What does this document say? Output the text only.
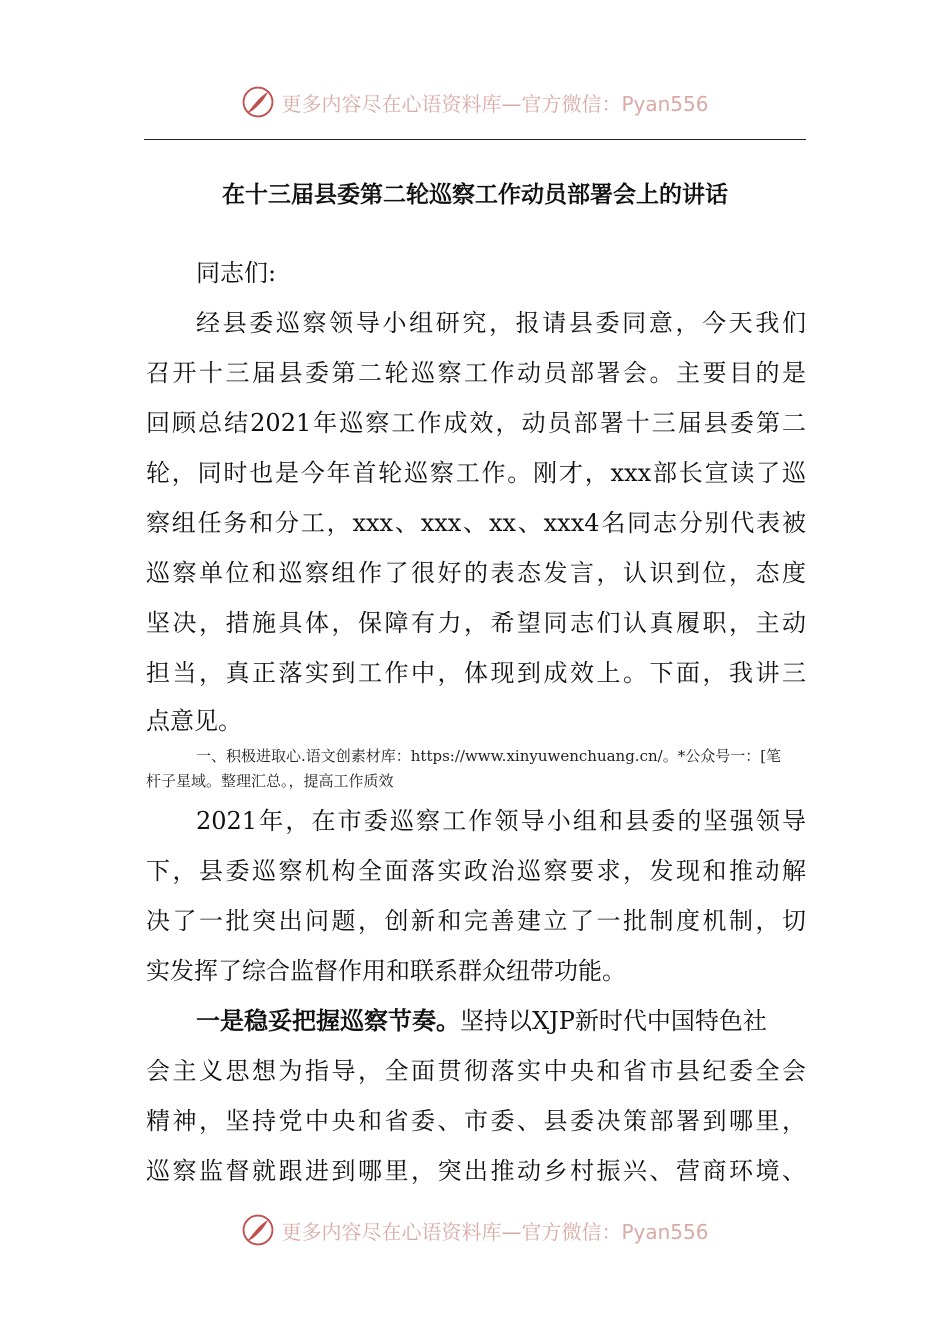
更多内容尽在心语资料库—官方微信：Pyan556
在十三届县委第二轮巡察工作动员部署会上的讲话
同志们:
经县委巡察领导小组研究，报请县委同意，今天我们
召开十三届县委第二轮巡察工作动员部署会。主要目的是
回顾总结2021年巡察工作成效，动员部署十三届县委第二
轮，同时也是今年首轮巡察工作。刚才，xxx部长宣读了巡
察组任务和分工，xxx、xxx、xx、xxx4名同志分别代表被
巡察单位和巡察组作了很好的表态发言，认识到位，态度
坚决，措施具体，保障有力，希望同志们认真履职，主动
担当，真正落实到工作中，体现到成效上。下面，我讲三
点意见。
一、积极进取心.语文创素材库：https://www.xinyuwenchuang.cn/。*公众号一：[笔
杆子星域。整理汇总。，提高工作质效
2021年，在市委巡察工作领导小组和县委的坚强领导
下，县委巡察机构全面落实政治巡察要求，发现和推动解
决了一批突出问题，创新和完善建立了一批制度机制，切
实发挥了综合监督作用和联系群众纽带功能。
一是稳妥把握巡察节奏。坚持以XJP新时代中国特色社
会主义思想为指导，全面贯彻落实中央和省市县纪委全会
精神，坚持党中央和省委、市委、县委决策部署到哪里，
巡察监督就跟进到哪里，突出推动乡村振兴、营商环境、
更多内容尽在心语资料库—官方微信：Pyan556
